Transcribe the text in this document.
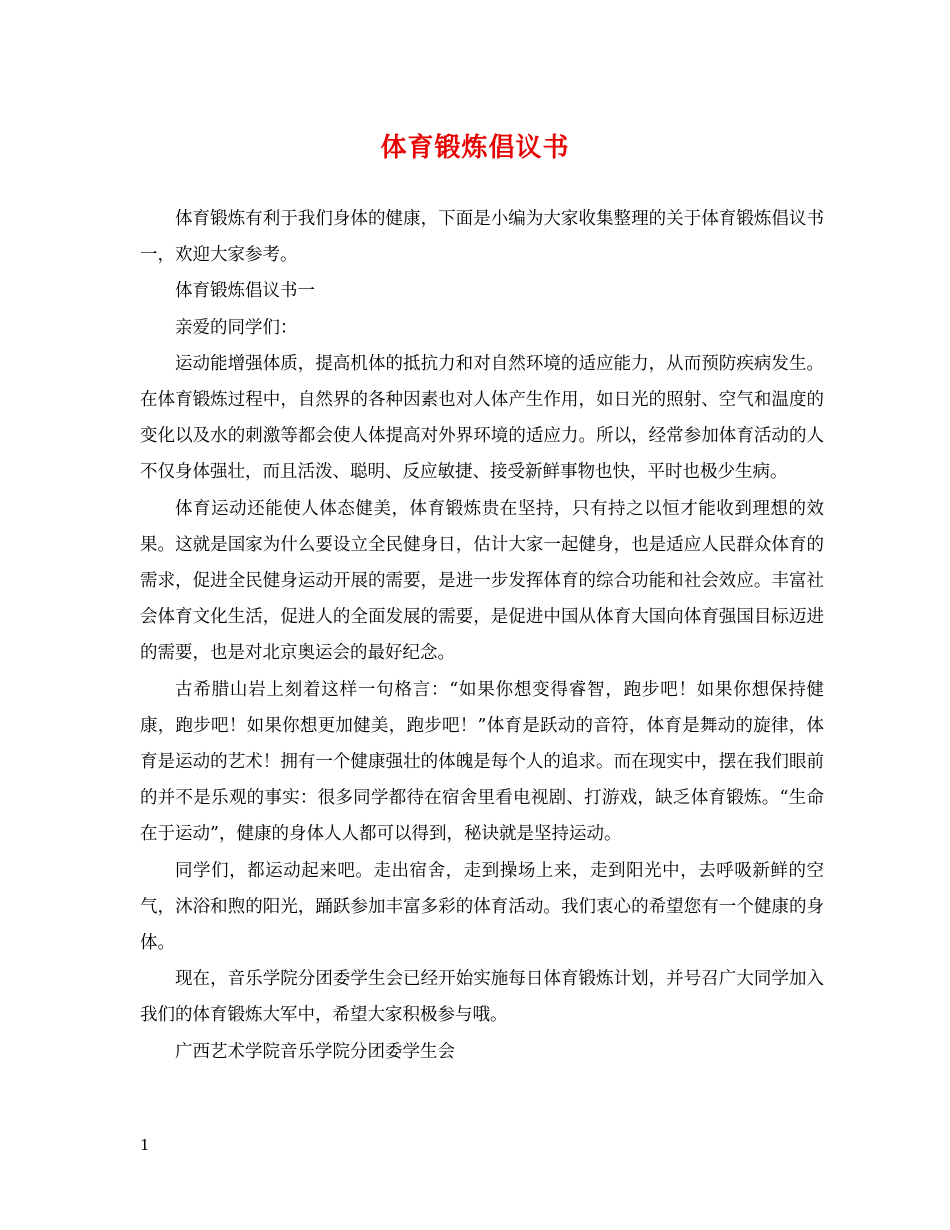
体育锻炼倡议书

体育锻炼有利于我们身体的健康，下面是小编为大家收集整理的关于体育锻炼倡议书一，欢迎大家参考。

体育锻炼倡议书一

亲爱的同学们：

运动能增强体质，提高机体的抵抗力和对自然环境的适应能力，从而预防疾病发生。在体育锻炼过程中，自然界的各种因素也对人体产生作用，如日光的照射、空气和温度的变化以及水的刺激等都会使人体提高对外界环境的适应力。所以，经常参加体育活动的人不仅身体强壮，而且活泼、聪明、反应敏捷、接受新鲜事物也快，平时也极少生病。

体育运动还能使人体态健美，体育锻炼贵在坚持，只有持之以恒才能收到理想的效果。这就是国家为什么要设立全民健身日，估计大家一起健身，也是适应人民群众体育的需求，促进全民健身运动开展的需要，是进一步发挥体育的综合功能和社会效应。丰富社会体育文化生活，促进人的全面发展的需要，是促进中国从体育大国向体育强国目标迈进的需要，也是对北京奥运会的最好纪念。

古希腊山岩上刻着这样一句格言：“如果你想变得睿智，跑步吧！如果你想保持健康，跑步吧！如果你想更加健美，跑步吧！”体育是跃动的音符，体育是舞动的旋律，体育是运动的艺术！拥有一个健康强壮的体魄是每个人的追求。而在现实中，摆在我们眼前的并不是乐观的事实：很多同学都待在宿舍里看电视剧、打游戏，缺乏体育锻炼。“生命在于运动”，健康的身体人人都可以得到，秘诀就是坚持运动。

同学们，都运动起来吧。走出宿舍，走到操场上来，走到阳光中，去呼吸新鲜的空气，沐浴和煦的阳光，踊跃参加丰富多彩的体育活动。我们衷心的希望您有一个健康的身体。

现在，音乐学院分团委学生会已经开始实施每日体育锻炼计划，并号召广大同学加入我们的体育锻炼大军中，希望大家积极参与哦。

广西艺术学院音乐学院分团委学生会

1
